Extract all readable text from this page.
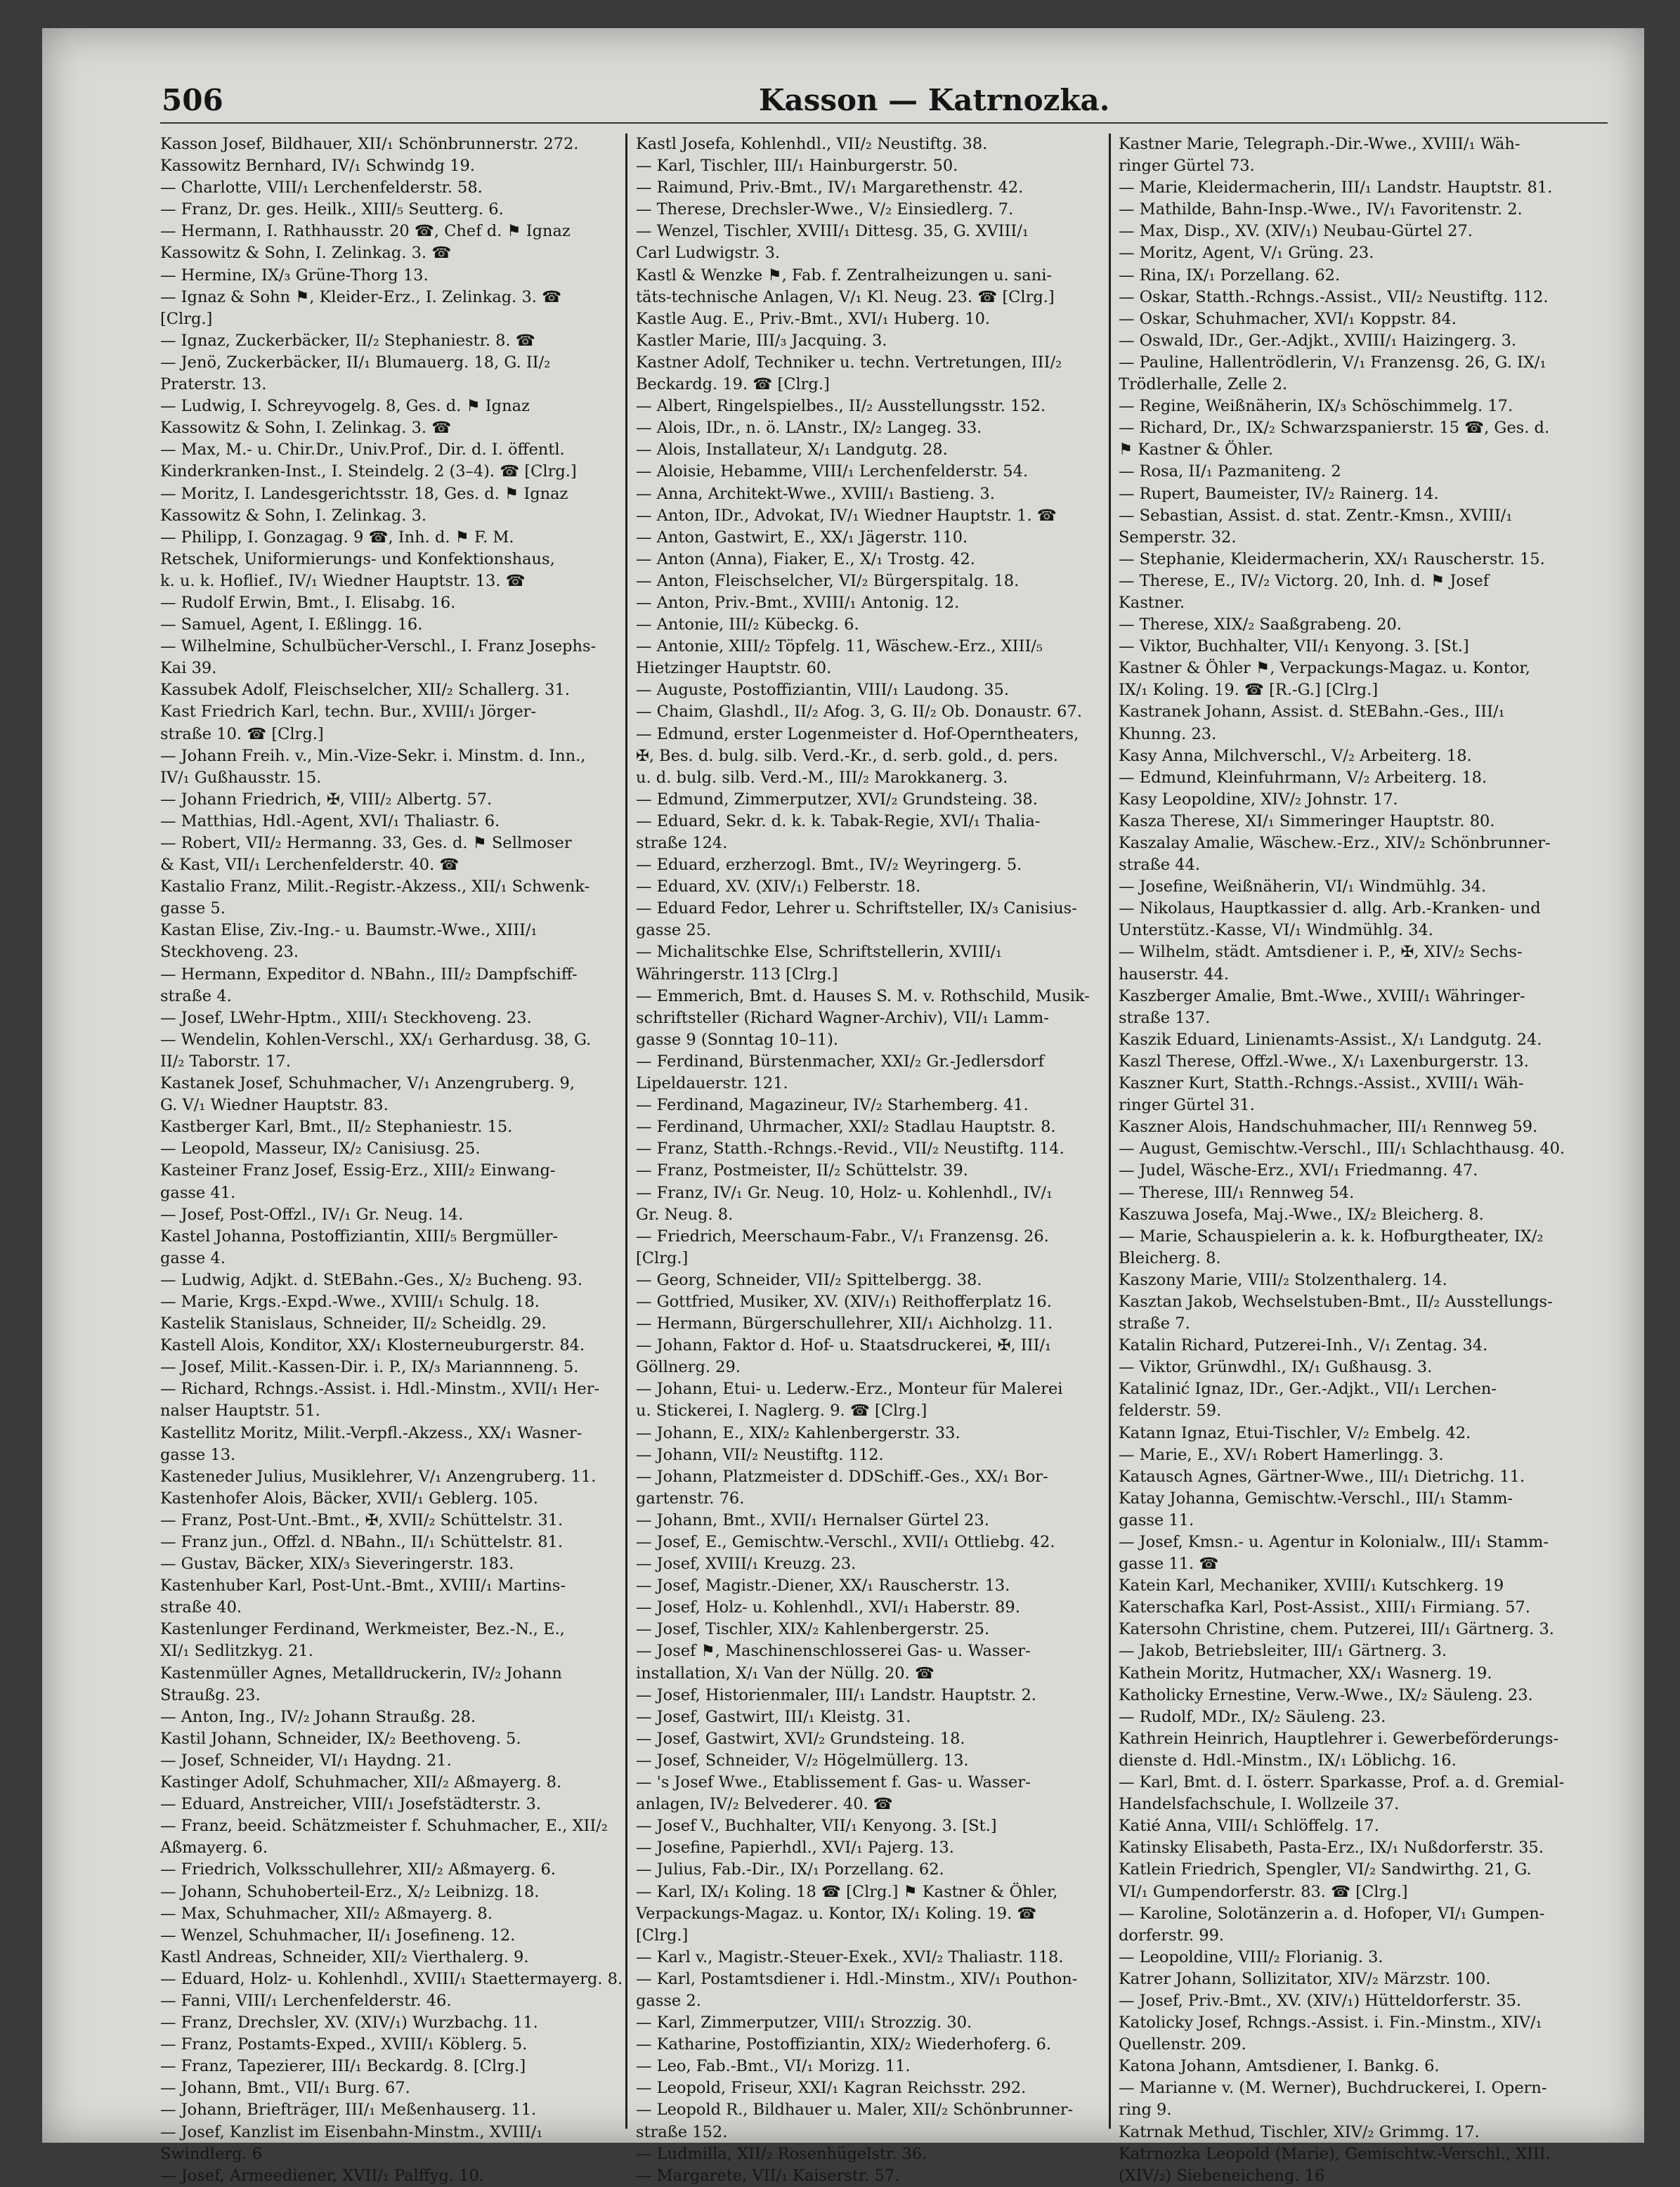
506	Kasson — Katrnozka.
Kasson Josef, Bildhauer, XII/₁ Schönbrunnerstr. 272.
Kassowitz Bernhard, IV/₁ Schwindg 19.
— Charlotte, VIII/₁ Lerchenfelderstr. 58.
— Franz, Dr. ges. Heilk., XIII/₅ Seutterg. 6.
— Hermann, I. Rathhausstr. 20 ☎, Chef d. ⚑ Ignaz
Kassowitz & Sohn, I. Zelinkag. 3. ☎
— Hermine, IX/₃ Grüne-Thorg 13.
— Ignaz & Sohn ⚑, Kleider-Erz., I. Zelinkag. 3. ☎
[Clrg.]
— Ignaz, Zuckerbäcker, II/₂ Stephaniestr. 8. ☎
— Jenö, Zuckerbäcker, II/₁ Blumauerg. 18, G. II/₂
Praterstr. 13.
— Ludwig, I. Schreyvogelg. 8, Ges. d. ⚑ Ignaz
Kassowitz & Sohn, I. Zelinkag. 3. ☎
— Max, M.- u. Chir.Dr., Univ.Prof., Dir. d. I. öffentl.
Kinderkranken-Inst., I. Steindelg. 2 (3–4). ☎ [Clrg.]
— Moritz, I. Landesgerichtsstr. 18, Ges. d. ⚑ Ignaz
Kassowitz & Sohn, I. Zelinkag. 3.
— Philipp, I. Gonzagag. 9 ☎, Inh. d. ⚑ F. M.
Retschek, Uniformierungs- und Konfektionshaus,
k. u. k. Hoflief., IV/₁ Wiedner Hauptstr. 13. ☎
— Rudolf Erwin, Bmt., I. Elisabg. 16.
— Samuel, Agent, I. Eßlingg. 16.
— Wilhelmine, Schulbücher-Verschl., I. Franz Josephs-
Kai 39.
Kassubek Adolf, Fleischselcher, XII/₂ Schallerg. 31.
Kast Friedrich Karl, techn. Bur., XVIII/₁ Jörger-
straße 10. ☎ [Clrg.]
— Johann Freih. v., Min.-Vize-Sekr. i. Minstm. d. Inn.,
IV/₁ Gußhausstr. 15.
— Johann Friedrich, ✠, VIII/₂ Albertg. 57.
— Matthias, Hdl.-Agent, XVI/₁ Thaliastr. 6.
— Robert, VII/₂ Hermanng. 33, Ges. d. ⚑ Sellmoser
& Kast, VII/₁ Lerchenfelderstr. 40. ☎
Kastalio Franz, Milit.-Registr.-Akzess., XII/₁ Schwenk-
gasse 5.
Kastan Elise, Ziv.-Ing.- u. Baumstr.-Wwe., XIII/₁
Steckhoveng. 23.
— Hermann, Expeditor d. NBahn., III/₂ Dampfschiff-
straße 4.
— Josef, LWehr-Hptm., XIII/₁ Steckhoveng. 23.
— Wendelin, Kohlen-Verschl., XX/₁ Gerhardusg. 38, G.
II/₂ Taborstr. 17.
Kastanek Josef, Schuhmacher, V/₁ Anzengruberg. 9,
G. V/₁ Wiedner Hauptstr. 83.
Kastberger Karl, Bmt., II/₂ Stephaniestr. 15.
— Leopold, Masseur, IX/₂ Canisiusg. 25.
Kasteiner Franz Josef, Essig-Erz., XIII/₂ Einwang-
gasse 41.
— Josef, Post-Offzl., IV/₁ Gr. Neug. 14.
Kastel Johanna, Postoffiziantin, XIII/₅ Bergmüller-
gasse 4.
— Ludwig, Adjkt. d. StEBahn.-Ges., X/₂ Bucheng. 93.
— Marie, Krgs.-Expd.-Wwe., XVIII/₁ Schulg. 18.
Kastelik Stanislaus, Schneider, II/₂ Scheidlg. 29.
Kastell Alois, Konditor, XX/₁ Klosterneuburgerstr. 84.
— Josef, Milit.-Kassen-Dir. i. P., IX/₃ Mariannneng. 5.
— Richard, Rchngs.-Assist. i. Hdl.-Minstm., XVII/₁ Her-
nalser Hauptstr. 51.
Kastellitz Moritz, Milit.-Verpfl.-Akzess., XX/₁ Wasner-
gasse 13.
Kasteneder Julius, Musiklehrer, V/₁ Anzengruberg. 11.
Kastenhofer Alois, Bäcker, XVII/₁ Geblerg. 105.
— Franz, Post-Unt.-Bmt., ✠, XVII/₂ Schüttelstr. 31.
— Franz jun., Offzl. d. NBahn., II/₁ Schüttelstr. 81.
— Gustav, Bäcker, XIX/₃ Sieveringerstr. 183.
Kastenhuber Karl, Post-Unt.-Bmt., XVIII/₁ Martins-
straße 40.
Kastenlunger Ferdinand, Werkmeister, Bez.-N., E.,
XI/₁ Sedlitzkyg. 21.
Kastenmüller Agnes, Metalldruckerin, IV/₂ Johann
Straußg. 23.
— Anton, Ing., IV/₂ Johann Straußg. 28.
Kastil Johann, Schneider, IX/₂ Beethoveng. 5.
— Josef, Schneider, VI/₁ Haydng. 21.
Kastinger Adolf, Schuhmacher, XII/₂ Aßmayerg. 8.
— Eduard, Anstreicher, VIII/₁ Josefstädterstr. 3.
— Franz, beeid. Schätzmeister f. Schuhmacher, E., XII/₂
Aßmayerg. 6.
— Friedrich, Volksschullehrer, XII/₂ Aßmayerg. 6.
— Johann, Schuhoberteil-Erz., X/₂ Leibnizg. 18.
— Max, Schuhmacher, XII/₂ Aßmayerg. 8.
— Wenzel, Schuhmacher, II/₁ Josefineng. 12.
Kastl Andreas, Schneider, XII/₂ Vierthalerg. 9.
— Eduard, Holz- u. Kohlenhdl., XVIII/₁ Staettermayerg. 8.
— Fanni, VIII/₁ Lerchenfelderstr. 46.
— Franz, Drechsler, XV. (XIV/₁) Wurzbachg. 11.
— Franz, Postamts-Exped., XVIII/₁ Köblerg. 5.
— Franz, Tapezierer, III/₁ Beckardg. 8. [Clrg.]
— Johann, Bmt., VII/₁ Burg. 67.
— Johann, Briefträger, III/₁ Meßenhauserg. 11.
— Josef, Kanzlist im Eisenbahn-Minstm., XVIII/₁
Swindlerg. 6
— Josef, Armeediener, XVII/₁ Palffyg. 10.
Kastl Josefa, Kohlenhdl., VII/₂ Neustiftg. 38.
— Karl, Tischler, III/₁ Hainburgerstr. 50.
— Raimund, Priv.-Bmt., IV/₁ Margarethenstr. 42.
— Therese, Drechsler-Wwe., V/₂ Einsiedlerg. 7.
— Wenzel, Tischler, XVIII/₁ Dittesg. 35, G. XVIII/₁
Carl Ludwigstr. 3.
Kastl & Wenzke ⚑, Fab. f. Zentralheizungen u. sani-
täts-technische Anlagen, V/₁ Kl. Neug. 23. ☎ [Clrg.]
Kastle Aug. E., Priv.-Bmt., XVI/₁ Huberg. 10.
Kastler Marie, III/₃ Jacquing. 3.
Kastner Adolf, Techniker u. techn. Vertretungen, III/₂
Beckardg. 19. ☎ [Clrg.]
— Albert, Ringelspielbes., II/₂ Ausstellungsstr. 152.
— Alois, IDr., n. ö. LAnstr., IX/₂ Langeg. 33.
— Alois, Installateur, X/₁ Landgutg. 28.
— Aloisie, Hebamme, VIII/₁ Lerchenfelderstr. 54.
— Anna, Architekt-Wwe., XVIII/₁ Bastieng. 3.
— Anton, IDr., Advokat, IV/₁ Wiedner Hauptstr. 1. ☎
— Anton, Gastwirt, E., XX/₁ Jägerstr. 110.
— Anton (Anna), Fiaker, E., X/₁ Trostg. 42.
— Anton, Fleischselcher, VI/₂ Bürgerspitalg. 18.
— Anton, Priv.-Bmt., XVIII/₁ Antonig. 12.
— Antonie, III/₂ Kübeckg. 6.
— Antonie, XIII/₂ Töpfelg. 11, Wäschew.-Erz., XIII/₅
Hietzinger Hauptstr. 60.
— Auguste, Postoffiziantin, VIII/₁ Laudong. 35.
— Chaim, Glashdl., II/₂ Afog. 3, G. II/₂ Ob. Donaustr. 67.
— Edmund, erster Logenmeister d. Hof-Operntheaters,
✠, Bes. d. bulg. silb. Verd.-Kr., d. serb. gold., d. pers.
u. d. bulg. silb. Verd.-M., III/₂ Marokkanerg. 3.
— Edmund, Zimmerputzer, XVI/₂ Grundsteing. 38.
— Eduard, Sekr. d. k. k. Tabak-Regie, XVI/₁ Thalia-
straße 124.
— Eduard, erzherzogl. Bmt., IV/₂ Weyringerg. 5.
— Eduard, XV. (XIV/₁) Felberstr. 18.
— Eduard Fedor, Lehrer u. Schriftsteller, IX/₃ Canisius-
gasse 25.
— Michalitschke Else, Schriftstellerin, XVIII/₁
Währingerstr. 113 [Clrg.]
— Emmerich, Bmt. d. Hauses S. M. v. Rothschild, Musik-
schriftsteller (Richard Wagner-Archiv), VII/₁ Lamm-
gasse 9 (Sonntag 10–11).
— Ferdinand, Bürstenmacher, XXI/₂ Gr.-Jedlersdorf
Lipeldauerstr. 121.
— Ferdinand, Magazineur, IV/₂ Starhemberg. 41.
— Ferdinand, Uhrmacher, XXI/₂ Stadlau Hauptstr. 8.
— Franz, Statth.-Rchngs.-Revid., VII/₂ Neustiftg. 114.
— Franz, Postmeister, II/₂ Schüttelstr. 39.
— Franz, IV/₁ Gr. Neug. 10, Holz- u. Kohlenhdl., IV/₁
Gr. Neug. 8.
— Friedrich, Meerschaum-Fabr., V/₁ Franzensg. 26.
[Clrg.]
— Georg, Schneider, VII/₂ Spittelbergg. 38.
— Gottfried, Musiker, XV. (XIV/₁) Reithofferplatz 16.
— Hermann, Bürgerschullehrer, XII/₁ Aichholzg. 11.
— Johann, Faktor d. Hof- u. Staatsdruckerei, ✠, III/₁
Göllnerg. 29.
— Johann, Etui- u. Lederw.-Erz., Monteur für Malerei
u. Stickerei, I. Naglerg. 9. ☎ [Clrg.]
— Johann, E., XIX/₂ Kahlenbergerstr. 33.
— Johann, VII/₂ Neustiftg. 112.
— Johann, Platzmeister d. DDSchiff.-Ges., XX/₁ Bor-
gartenstr. 76.
— Johann, Bmt., XVII/₁ Hernalser Gürtel 23.
— Josef, E., Gemischtw.-Verschl., XVII/₁ Ottliebg. 42.
— Josef, XVIII/₁ Kreuzg. 23.
— Josef, Magistr.-Diener, XX/₁ Rauscherstr. 13.
— Josef, Holz- u. Kohlenhdl., XVI/₁ Haberstr. 89.
— Josef, Tischler, XIX/₂ Kahlenbergerstr. 25.
— Josef ⚑, Maschinenschlosserei Gas- u. Wasser-
installation, X/₁ Van der Nüllg. 20. ☎
— Josef, Historienmaler, III/₁ Landstr. Hauptstr. 2.
— Josef, Gastwirt, III/₁ Kleistg. 31.
— Josef, Gastwirt, XVI/₂ Grundsteing. 18.
— Josef, Schneider, V/₂ Högelmüllerg. 13.
— 's Josef Wwe., Etablissement f. Gas- u. Wasser-
anlagen, IV/₂ Belvederег. 40. ☎
— Josef V., Buchhalter, VII/₁ Kenyong. 3. [St.]
— Josefine, Papierhdl., XVI/₁ Pajerg. 13.
— Julius, Fab.-Dir., IX/₁ Porzellang. 62.
— Karl, IX/₁ Koling. 18 ☎ [Clrg.] ⚑ Kastner & Öhler,
Verpackungs-Magaz. u. Kontor, IX/₁ Koling. 19. ☎
[Clrg.]
— Karl v., Magistr.-Steuer-Exek., XVI/₂ Thaliastr. 118.
— Karl, Postamtsdiener i. Hdl.-Minstm., XIV/₁ Pouthon-
gasse 2.
— Karl, Zimmerputzer, VIII/₁ Strozzig. 30.
— Katharine, Postoffiziantin, XIX/₂ Wiederhoferg. 6.
— Leo, Fab.-Bmt., VI/₁ Morizg. 11.
— Leopold, Friseur, XXI/₁ Kagran Reichsstr. 292.
— Leopold R., Bildhauer u. Maler, XII/₂ Schönbrunner-
straße 152.
— Ludmilla, XII/₂ Rosenhügelstr. 36.
— Margarete, VII/₁ Kaiserstr. 57.
Kastner Marie, Telegraph.-Dir.-Wwe., XVIII/₁ Wäh-
ringer Gürtel 73.
— Marie, Kleidermacherin, III/₁ Landstr. Hauptstr. 81.
— Mathilde, Bahn-Insp.-Wwe., IV/₁ Favoritenstr. 2.
— Max, Disp., XV. (XIV/₁) Neubau-Gürtel 27.
— Moritz, Agent, V/₁ Grüng. 23.
— Rina, IX/₁ Porzellang. 62.
— Oskar, Statth.-Rchngs.-Assist., VII/₂ Neustiftg. 112.
— Oskar, Schuhmacher, XVI/₁ Koppstr. 84.
— Oswald, IDr., Ger.-Adjkt., XVIII/₁ Haizingerg. 3.
— Pauline, Hallentrödlerin, V/₁ Franzensg. 26, G. IX/₁
Trödlerhalle, Zelle 2.
— Regine, Weißnäherin, IX/₃ Schöschimmelg. 17.
— Richard, Dr., IX/₂ Schwarzspanierstr. 15 ☎, Ges. d.
⚑ Kastner & Öhler.
— Rosa, II/₁ Pazmaniteng. 2
— Rupert, Baumeister, IV/₂ Rainerg. 14.
— Sebastian, Assist. d. stat. Zentr.-Kmsn., XVIII/₁
Semperstr. 32.
— Stephanie, Kleidermacherin, XX/₁ Rauscherstr. 15.
— Therese, E., IV/₂ Victorg. 20, Inh. d. ⚑ Josef
Kastner.
— Therese, XIX/₂ Saaßgrabeng. 20.
— Viktor, Buchhalter, VII/₁ Kenyong. 3. [St.]
Kastner & Öhler ⚑, Verpackungs-Magaz. u. Kontor,
IX/₁ Koling. 19. ☎ [R.-G.] [Clrg.]
Kastranek Johann, Assist. d. StEBahn.-Ges., III/₁
Khunng. 23.
Kasy Anna, Milchverschl., V/₂ Arbeiterg. 18.
— Edmund, Kleinfuhrmann, V/₂ Arbeiterg. 18.
Kasy Leopoldine, XIV/₂ Johnstr. 17.
Kasza Therese, XI/₁ Simmeringer Hauptstr. 80.
Kaszalay Amalie, Wäschew.-Erz., XIV/₂ Schönbrunner-
straße 44.
— Josefine, Weißnäherin, VI/₁ Windmühlg. 34.
— Nikolaus, Hauptkassier d. allg. Arb.-Kranken- und
Unterstütz.-Kasse, VI/₁ Windmühlg. 34.
— Wilhelm, städt. Amtsdiener i. P., ✠, XIV/₂ Sechs-
hauserstr. 44.
Kaszberger Amalie, Bmt.-Wwe., XVIII/₁ Währinger-
straße 137.
Kaszik Eduard, Linienamts-Assist., X/₁ Landgutg. 24.
Kaszl Therese, Offzl.-Wwe., X/₁ Laxenburgerstr. 13.
Kaszner Kurt, Statth.-Rchngs.-Assist., XVIII/₁ Wäh-
ringer Gürtel 31.
Kaszner Alois, Handschuhmacher, III/₁ Rennweg 59.
— August, Gemischtw.-Verschl., III/₁ Schlachthausg. 40.
— Judel, Wäsche-Erz., XVI/₁ Friedmanng. 47.
— Therese, III/₁ Rennweg 54.
Kaszuwa Josefa, Maj.-Wwe., IX/₂ Bleicherg. 8.
— Marie, Schauspielerin a. k. k. Hofburgtheater, IX/₂
Bleicherg. 8.
Kaszony Marie, VIII/₂ Stolzenthalerg. 14.
Kasztan Jakob, Wechselstuben-Bmt., II/₂ Ausstellungs-
straße 7.
Katalin Richard, Putzerei-Inh., V/₁ Zentag. 34.
— Viktor, Grünwdhl., IX/₁ Gußhausg. 3.
Katalinić Ignaz, IDr., Ger.-Adjkt., VII/₁ Lerchen-
felderstr. 59.
Katann Ignaz, Etui-Tischler, V/₂ Embelg. 42.
— Marie, E., XV/₁ Robert Hamerlingg. 3.
Katausch Agnes, Gärtner-Wwe., III/₁ Dietrichg. 11.
Katay Johanna, Gemischtw.-Verschl., III/₁ Stamm-
gasse 11.
— Josef, Kmsn.- u. Agentur in Kolonialw., III/₁ Stamm-
gasse 11. ☎
Katein Karl, Mechaniker, XVIII/₁ Kutschkerg. 19
Katerschafka Karl, Post-Assist., XIII/₁ Firmiang. 57.
Katersohn Christine, chem. Putzerei, III/₁ Gärtnerg. 3.
— Jakob, Betriebsleiter, III/₁ Gärtnerg. 3.
Kathein Moritz, Hutmacher, XX/₁ Wasnerg. 19.
Katholicky Ernestine, Verw.-Wwe., IX/₂ Säuleng. 23.
— Rudolf, MDr., IX/₂ Säuleng. 23.
Kathrein Heinrich, Hauptlehrer i. Gewerbeförderungs-
dienste d. Hdl.-Minstm., IX/₁ Löblichg. 16.
— Karl, Bmt. d. I. österr. Sparkasse, Prof. a. d. Gremial-
Handelsfachschule, I. Wollzeile 37.
Katié Anna, VIII/₁ Schlöffelg. 17.
Katinsky Elisabeth, Pasta-Erz., IX/₁ Nußdorferstr. 35.
Katlein Friedrich, Spengler, VI/₂ Sandwirthg. 21, G.
VI/₁ Gumpendorferstr. 83. ☎ [Clrg.]
— Karoline, Solotänzerin a. d. Hofoper, VI/₁ Gumpen-
dorferstr. 99.
— Leopoldine, VIII/₂ Florianig. 3.
Katrer Johann, Sollizitator, XIV/₂ Märzstr. 100.
— Josef, Priv.-Bmt., XV. (XIV/₁) Hütteldorferstr. 35.
Katolicky Josef, Rchngs.-Assist. i. Fin.-Minstm., XIV/₁
Quellenstr. 209.
Katona Johann, Amtsdiener, I. Bankg. 6.
— Marianne v. (M. Werner), Buchdruckerei, I. Opern-
ring 9.
Katrnak Methud, Tischler, XIV/₂ Grimmg. 17.
Katrnozka Leopold (Marie), Gemischtw.-Verschl., XIII.
(XIV/₂) Siebeneicheng. 16
